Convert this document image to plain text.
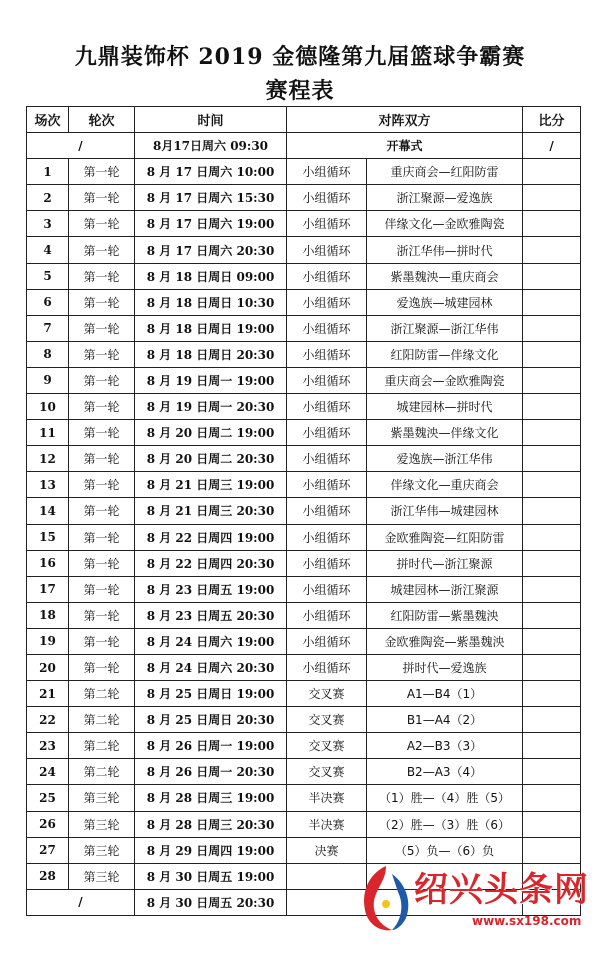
九鼎装饰杯 2019 金德隆第九届篮球争霸赛
赛程表
场次	轮次	时间	对阵双方		比分
/		8月17日周六 09:30	开幕式		/
1	第一轮	8 月 17 日周六 10:00	小组循环	重庆商会—红阳防雷	
2	第一轮	8 月 17 日周六 15:30	小组循环	浙江聚源—爱逸族	
3	第一轮	8 月 17 日周六 19:00	小组循环	伴缘文化—金欧雅陶瓷	
4	第一轮	8 月 17 日周六 20:30	小组循环	浙江华伟—拼时代	
5	第一轮	8 月 18 日周日 09:00	小组循环	紫墨魏泱—重庆商会	
6	第一轮	8 月 18 日周日 10:30	小组循环	爱逸族—城建园林	
7	第一轮	8 月 18 日周日 19:00	小组循环	浙江聚源—浙江华伟	
8	第一轮	8 月 18 日周日 20:30	小组循环	红阳防雷—伴缘文化	
9	第一轮	8 月 19 日周一 19:00	小组循环	重庆商会—金欧雅陶瓷	
10	第一轮	8 月 19 日周一 20:30	小组循环	城建园林—拼时代	
11	第一轮	8 月 20 日周二 19:00	小组循环	紫墨魏泱—伴缘文化	
12	第一轮	8 月 20 日周二 20:30	小组循环	爱逸族—浙江华伟	
13	第一轮	8 月 21 日周三 19:00	小组循环	伴缘文化—重庆商会	
14	第一轮	8 月 21 日周三 20:30	小组循环	浙江华伟—城建园林	
15	第一轮	8 月 22 日周四 19:00	小组循环	金欧雅陶瓷—红阳防雷	
16	第一轮	8 月 22 日周四 20:30	小组循环	拼时代—浙江聚源	
17	第一轮	8 月 23 日周五 19:00	小组循环	城建园林—浙江聚源	
18	第一轮	8 月 23 日周五 20:30	小组循环	红阳防雷—紫墨魏泱	
19	第一轮	8 月 24 日周六 19:00	小组循环	金欧雅陶瓷—紫墨魏泱	
20	第一轮	8 月 24 日周六 20:30	小组循环	拼时代—爱逸族	
21	第二轮	8 月 25 日周日 19:00	交叉赛	A1—B4（1）	
22	第二轮	8 月 25 日周日 20:30	交叉赛	B1—A4（2）	
23	第二轮	8 月 26 日周一 19:00	交叉赛	A2—B3（3）	
24	第二轮	8 月 26 日周一 20:30	交叉赛	B2—A3（4）	
25	第三轮	8 月 28 日周三 19:00	半决赛	（1）胜—（4）胜（5）	
26	第三轮	8 月 28 日周三 20:30	半决赛	（2）胜—（3）胜（6）	
27	第三轮	8 月 29 日周四 19:00	决赛	（5）负—（6）负	
28	第三轮	8 月 30 日周五 19:00			
/		8 月 30 日周五 20:30				绍兴头条网
www.sx198.com
